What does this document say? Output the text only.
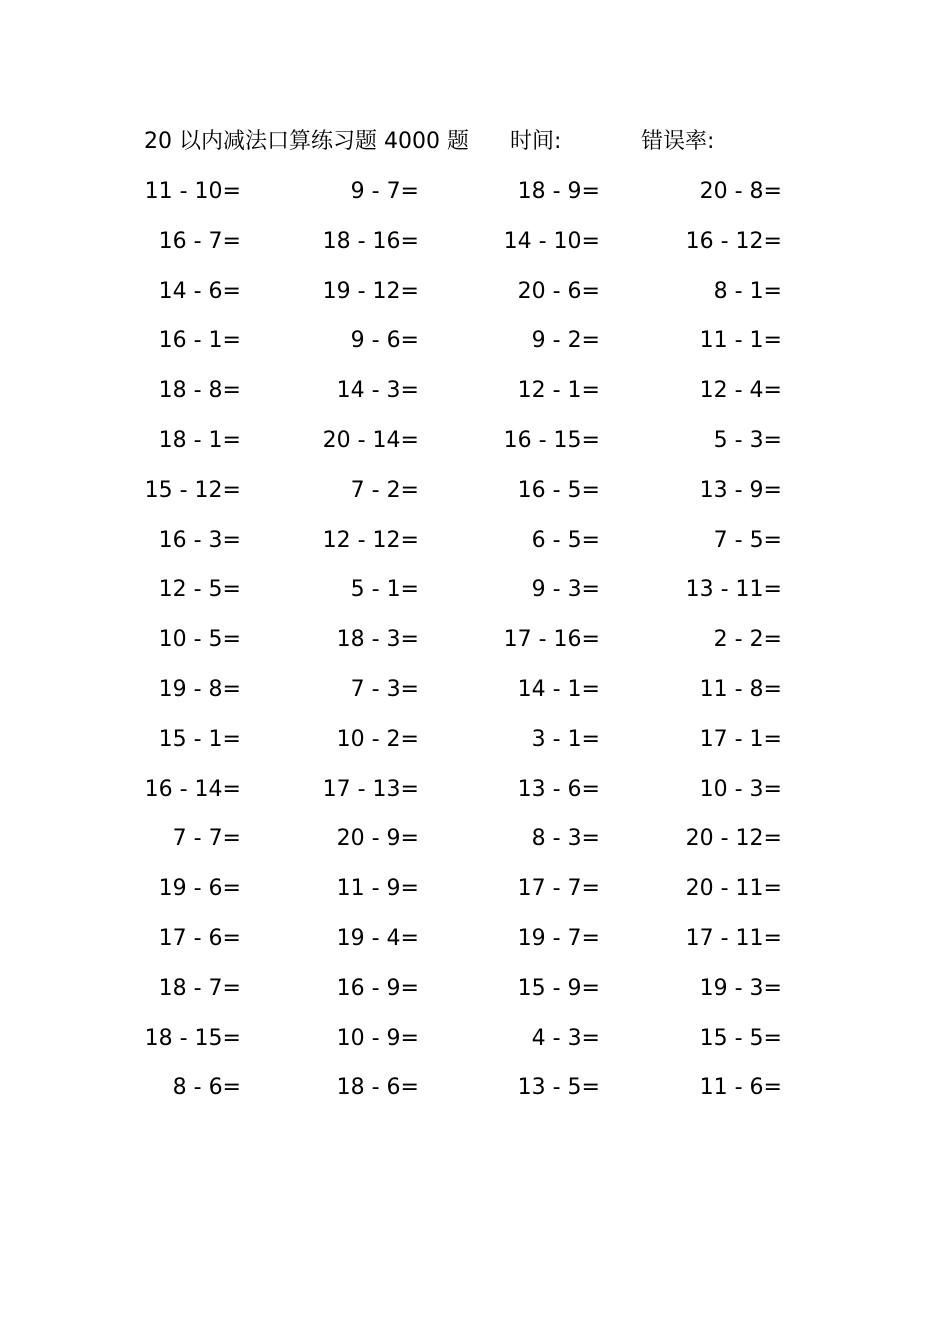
20 以内减法口算练习题 4000 题 时间:	错误率:
11 - 10=	9 - 7=	18 - 9=	20 - 8=
16 - 7=	18 - 16=	14 - 10=	16 - 12=
14 - 6=	19 - 12=	20 - 6=	8 - 1=
16 - 1=	9 - 6=	9 - 2=	11 - 1=
18 - 8=	14 - 3=	12 - 1=	12 - 4=
18 - 1=	20 - 14=	16 - 15=	5 - 3=
15 - 12=	7 - 2=	16 - 5=	13 - 9=
16 - 3=	12 - 12=	6 - 5=	7 - 5=
12 - 5=	5 - 1=	9 - 3=	13 - 11=
10 - 5=	18 - 3=	17 - 16=	2 - 2=
19 - 8=	7 - 3=	14 - 1=	11 - 8=
15 - 1=	10 - 2=	3 - 1=	17 - 1=
16 - 14=	17 - 13=	13 - 6=	10 - 3=
7 - 7=	20 - 9=	8 - 3=	20 - 12=
19 - 6=	11 - 9=	17 - 7=	20 - 11=
17 - 6=	19 - 4=	19 - 7=	17 - 11=
18 - 7=	16 - 9=	15 - 9=	19 - 3=
18 - 15=	10 - 9=	4 - 3=	15 - 5=
8 - 6=	18 - 6=	13 - 5=	11 - 6=
